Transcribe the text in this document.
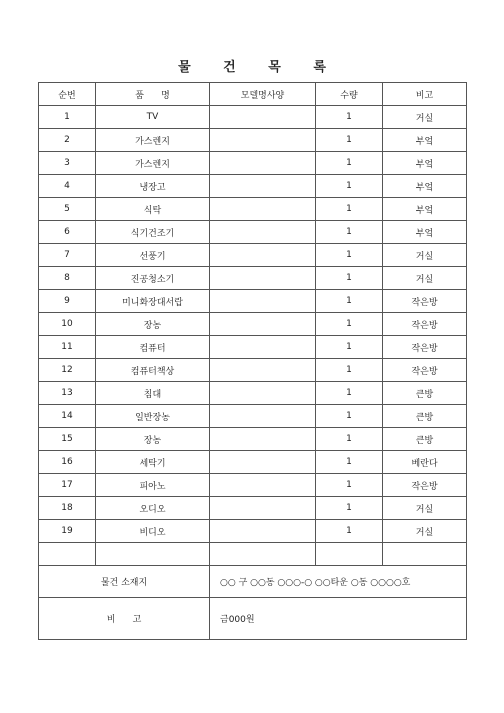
물 건 목 록
순번	품      명	모델명사양	수량	비고
1	TV		1	거실
2	가스렌지		1	부엌
3	가스렌지		1	부엌
4	냉장고		1	부엌
5	식탁		1	부엌
6	식기건조기		1	부엌
7	선풍기		1	거실
8	진공청소기		1	거실
9	미니화장대서랍		1	작은방
10	장농		1	작은방
11	컴퓨터		1	작은방
12	컴퓨터책상		1	작은방
13	침대		1	큰방
14	일반장농		1	큰방
15	장농		1	큰방
16	세탁기		1	베란다
17	피아노		1	작은방
18	오디오		1	거실
19	비디오		1	거실

물건 소재지		○○ 구 ○○동 ○○○-○ ○○타운 ○동 ○○○○호		
비      고		금000원		
